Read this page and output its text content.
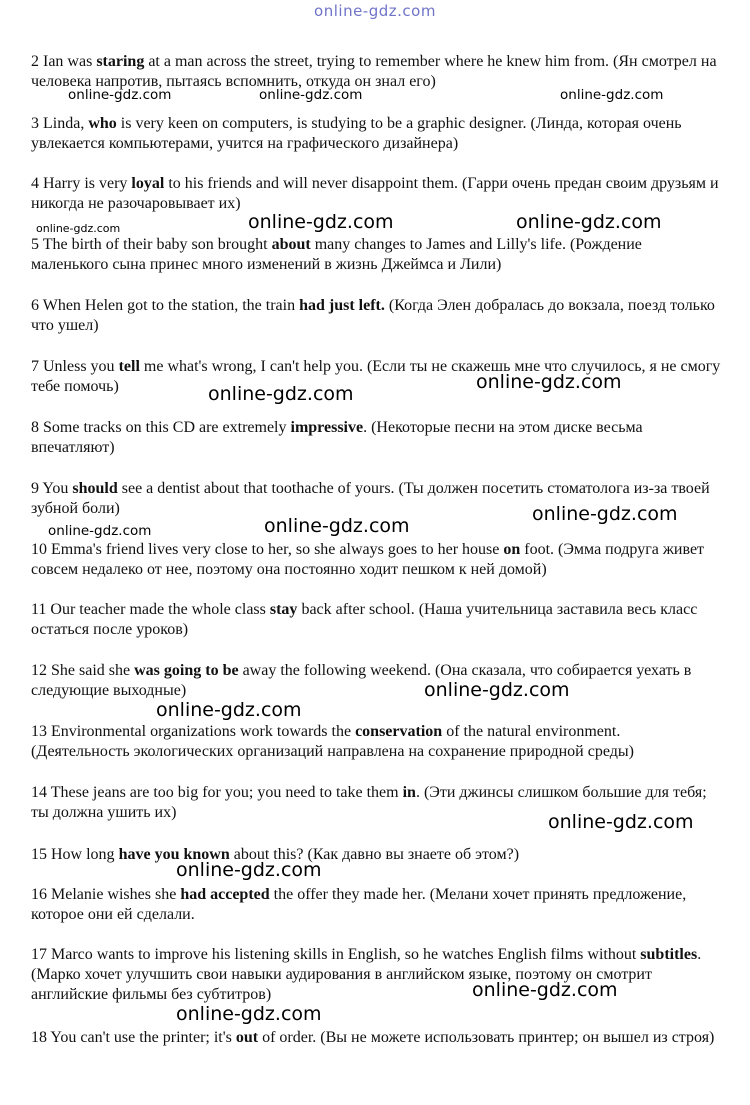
online-gdz.com

2 Ian was staring at a man across the street, trying to remember where he knew him from. (Ян смотрел на человека напротив, пытаясь вспомнить, откуда он знал его)

3 Linda, who is very keen on computers, is studying to be a graphic designer. (Линда, которая очень увлекается компьютерами, учится на графического дизайнера)

4 Harry is very loyal to his friends and will never disappoint them. (Гарри очень предан своим друзьям и никогда не разочаровывает их)

5 The birth of their baby son brought about many changes to James and Lilly's life. (Рождение маленького сына принес много изменений в жизнь Джеймса и Лили)

6 When Helen got to the station, the train had just left. (Когда Элен добралась до вокзала, поезд только что ушел)

7 Unless you tell me what's wrong, I can't help you. (Если ты не скажешь мне что случилось, я не смогу тебе помочь)

8 Some tracks on this CD are extremely impressive. (Некоторые песни на этом диске весьма впечатляют)

9 You should see a dentist about that toothache of yours. (Ты должен посетить стоматолога из-за твоей зубной боли)

10 Emma's friend lives very close to her, so she always goes to her house on foot. (Эмма подруга живет совсем недалеко от нее, поэтому она постоянно ходит пешком к ней домой)

11 Our teacher made the whole class stay back after school. (Наша учительница заставила весь класс остаться после уроков)

12 She said she was going to be away the following weekend. (Она сказала, что собирается уехать в следующие выходные)

13 Environmental organizations work towards the conservation of the natural environment. (Деятельность экологических организаций направлена на сохранение природной среды)

14 These jeans are too big for you; you need to take them in. (Эти джинсы слишком большие для тебя; ты должна ушить их)

15 How long have you known about this? (Как давно вы знаете об этом?)

16 Melanie wishes she had accepted the offer they made her. (Мелани хочет принять предложение, которое они ей сделали.

17 Marco wants to improve his listening skills in English, so he watches English films without subtitles. (Марко хочет улучшить свои навыки аудирования в английском языке, поэтому он смотрит английские фильмы без субтитров)

18 You can't use the printer; it's out of order. (Вы не можете использовать принтер; он вышел из строя)

online-gdz.com	online-gdz.com	online-gdz.com
online-gdz.com	online-gdz.com	online-gdz.com
online-gdz.com
online-gdz.com
online-gdz.com	online-gdz.com
online-gdz.com
online-gdz.com
online-gdz.com
online-gdz.com
online-gdz.com
online-gdz.com
online-gdz.com
